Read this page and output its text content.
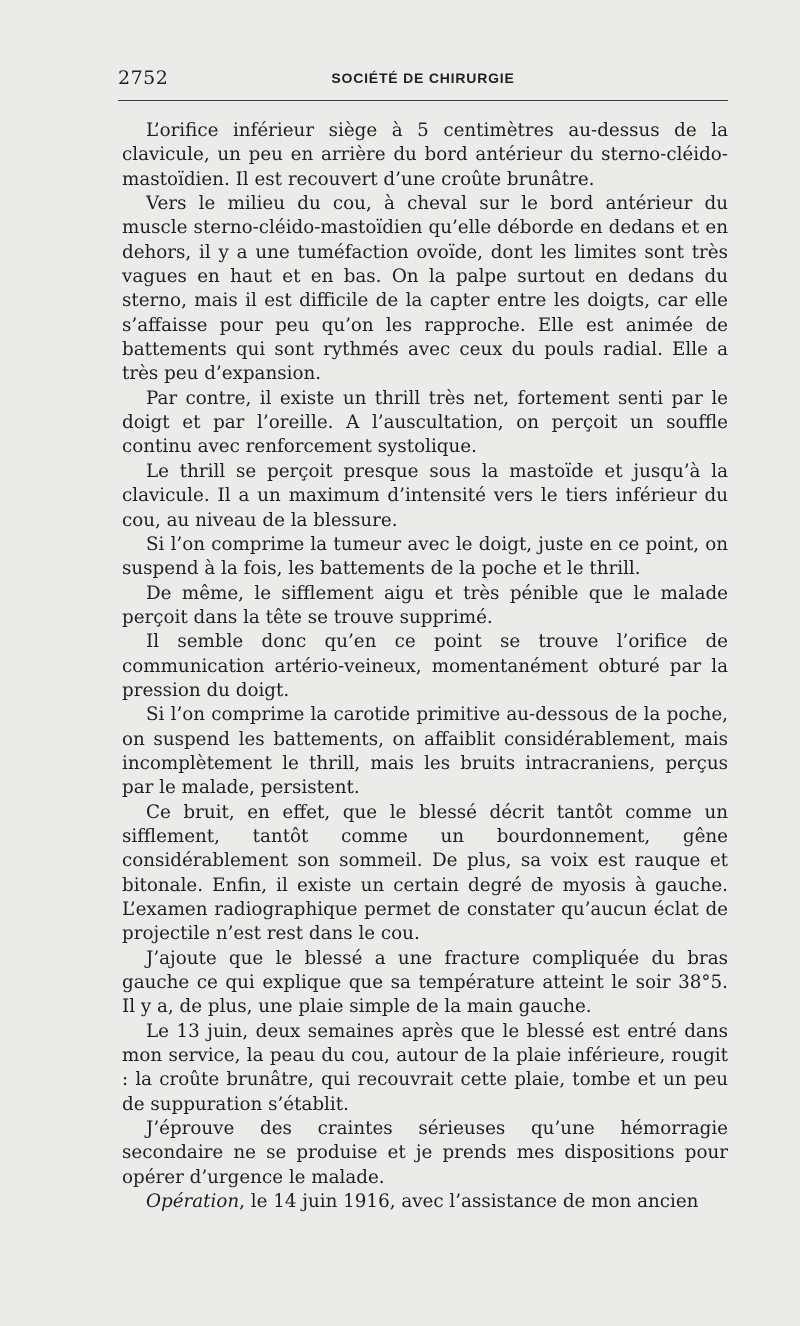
2752	SOCIÉTÉ DE CHIRURGIE

L’orifice inférieur siège à 5 centimètres au-dessus de la clavicule, un peu en arrière du bord antérieur du sterno-cléido-mastoïdien. Il est recouvert d’une croûte brunâtre.

Vers le milieu du cou, à cheval sur le bord antérieur du muscle sterno-cléido-mastoïdien qu’elle déborde en dedans et en dehors, il y a une tuméfaction ovoïde, dont les limites sont très vagues en haut et en bas. On la palpe surtout en dedans du sterno, mais il est difficile de la capter entre les doigts, car elle s’affaisse pour peu qu’on les rapproche. Elle est animée de battements qui sont rythmés avec ceux du pouls radial. Elle a très peu d’expansion.

Par contre, il existe un thrill très net, fortement senti par le doigt et par l’oreille. A l’auscultation, on perçoit un souffle continu avec renforcement systolique.

Le thrill se perçoit presque sous la mastoïde et jusqu’à la clavicule. Il a un maximum d’intensité vers le tiers inférieur du cou, au niveau de la blessure.

Si l’on comprime la tumeur avec le doigt, juste en ce point, on suspend à la fois, les battements de la poche et le thrill.

De même, le sifflement aigu et très pénible que le malade perçoit dans la tête se trouve supprimé.

Il semble donc qu’en ce point se trouve l’orifice de communication artério-veineux, momentanément obturé par la pression du doigt.

Si l’on comprime la carotide primitive au-dessous de la poche, on suspend les battements, on affaiblit considérablement, mais incomplètement le thrill, mais les bruits intracraniens, perçus par le malade, persistent.

Ce bruit, en effet, que le blessé décrit tantôt comme un sifflement, tantôt comme un bourdonnement, gêne considérablement son sommeil. De plus, sa voix est rauque et bitonale. Enfin, il existe un certain degré de myosis à gauche. L’examen radiographique permet de constater qu’aucun éclat de projectile n’est rest dans le cou.

J’ajoute que le blessé a une fracture compliquée du bras gauche ce qui explique que sa température atteint le soir 38°5. Il y a, de plus, une plaie simple de la main gauche.

Le 13 juin, deux semaines après que le blessé est entré dans mon service, la peau du cou, autour de la plaie inférieure, rougit : la croûte brunâtre, qui recouvrait cette plaie, tombe et un peu de suppuration s’établit.

J’éprouve des craintes sérieuses qu’une hémorragie secondaire ne se produise et je prends mes dispositions pour opérer d’urgence le malade.

Opération, le 14 juin 1916, avec l’assistance de mon ancien
